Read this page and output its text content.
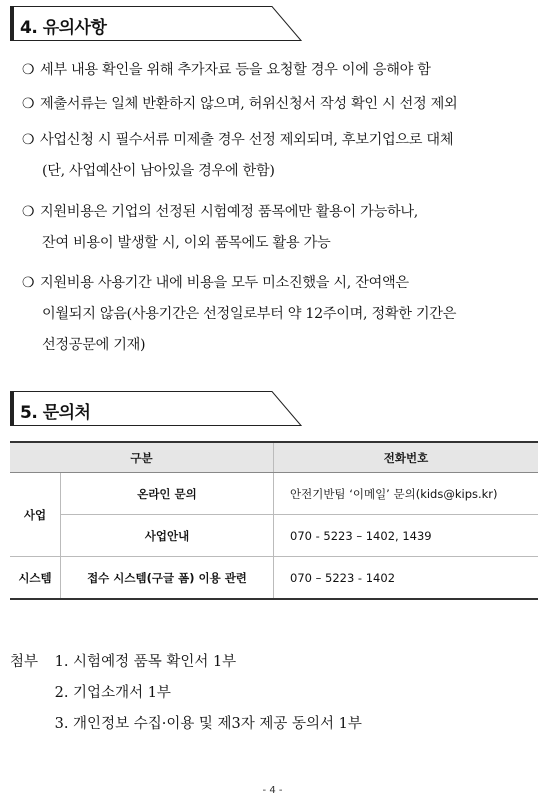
4. 유의사항
❍ 세부 내용 확인을 위해 추가자료 등을 요청할 경우 이에 응해야 함
❍ 제출서류는 일체 반환하지 않으며, 허위신청서 작성 확인 시 선정 제외
❍ 사업신청 시 필수서류 미제출 경우 선정 제외되며, 후보기업으로 대체
(단, 사업예산이 남아있을 경우에 한함)
❍ 지원비용은 기업의 선정된 시험예정 품목에만 활용이 가능하나,
잔여 비용이 발생할 시, 이외 품목에도 활용 가능
❍ 지원비용 사용기간 내에 비용을 모두 미소진했을 시, 잔여액은
이월되지 않음(사용기간은 선정일로부터 약 12주이며, 정확한 기간은
선정공문에 기재)
5. 문의처
구분		전화번호
사업	온라인 문의	안전기반팀 ‘이메일’ 문의(kids@kips.kr)
	사업안내	070 - 5223 – 1402, 1439
시스템	접수 시스템(구글 폼) 이용 관련	070 – 5223 - 1402
첨부 1. 시험예정 품목 확인서 1부
2. 기업소개서 1부
3. 개인정보 수집·이용 및 제3자 제공 동의서 1부
- 4 -
